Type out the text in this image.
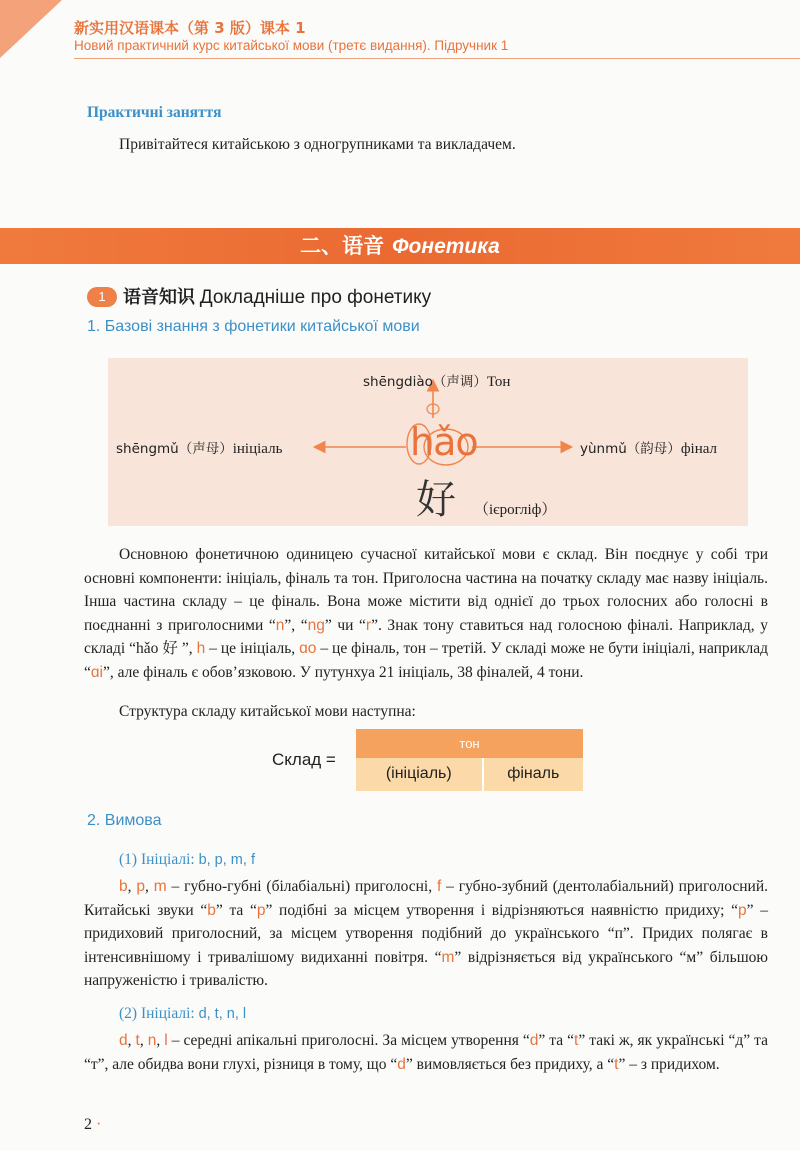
新实用汉语课本（第 3 版）课本 1
Новий практичний курс китайської мови (третє видання). Підручник 1
Практичні заняття
Привітайтеся китайською з одногрупниками та викладачем.
二、语音 Фонетика
1 语音知识 Докладніше про фонетику
1. Базові знання з фонетики китайської мови
shēngdiào（声调）Тон
shēngmǔ（声母）ініціаль	yùnmǔ（韵母）фінал
hǎo
好 （ієрогліф）
Основною фонетичною одиницею сучасної китайської мови є склад. Він поєднує у собі три основні компоненти: ініціаль, фіналь та тон. Приголосна частина на початку складу має назву ініціаль. Інша частина складу – це фіналь. Вона може містити від однієї до трьох голосних або голосні в поєднанні з приголосними “n”, “ng” чи “r”. Знак тону ставиться над голосною фіналі. Наприклад, у складі “hǎo 好 ”, h – це ініціаль, ɑo – це фіналь, тон – третій. У складі може не бути ініціалі, наприклад “ɑi”, але фіналь є обов’язковою. У путунхуа 21 ініціаль, 38 фіналей, 4 тони.
Структура складу китайської мови наступна:
Склад =
тон
(ініціаль)	фіналь
2. Вимова
(1) Ініціалі: b, p, m, f
b, p, m – губно-губні (білабіальні) приголосні, f – губно-зубний (дентолабіальний) приголосний. Китайські звуки “b” та “p” подібні за місцем утворення і відрізняються наявністю придиху; “p” – придиховий приголосний, за місцем утворення подібний до українського “п”. Придих полягає в інтенсивнішому і тривалішому видиханні повітря. “m” відрізняється від українського “м” більшою напруженістю і тривалістю.
(2) Ініціалі: d, t, n, l
d, t, n, l – середні апікальні приголосні. За місцем утворення “d” та “t” такі ж, як українські “д” та “т”, але обидва вони глухі, різниця в тому, що “d” вимовляється без придиху, а “t” – з придихом.
2 ·
